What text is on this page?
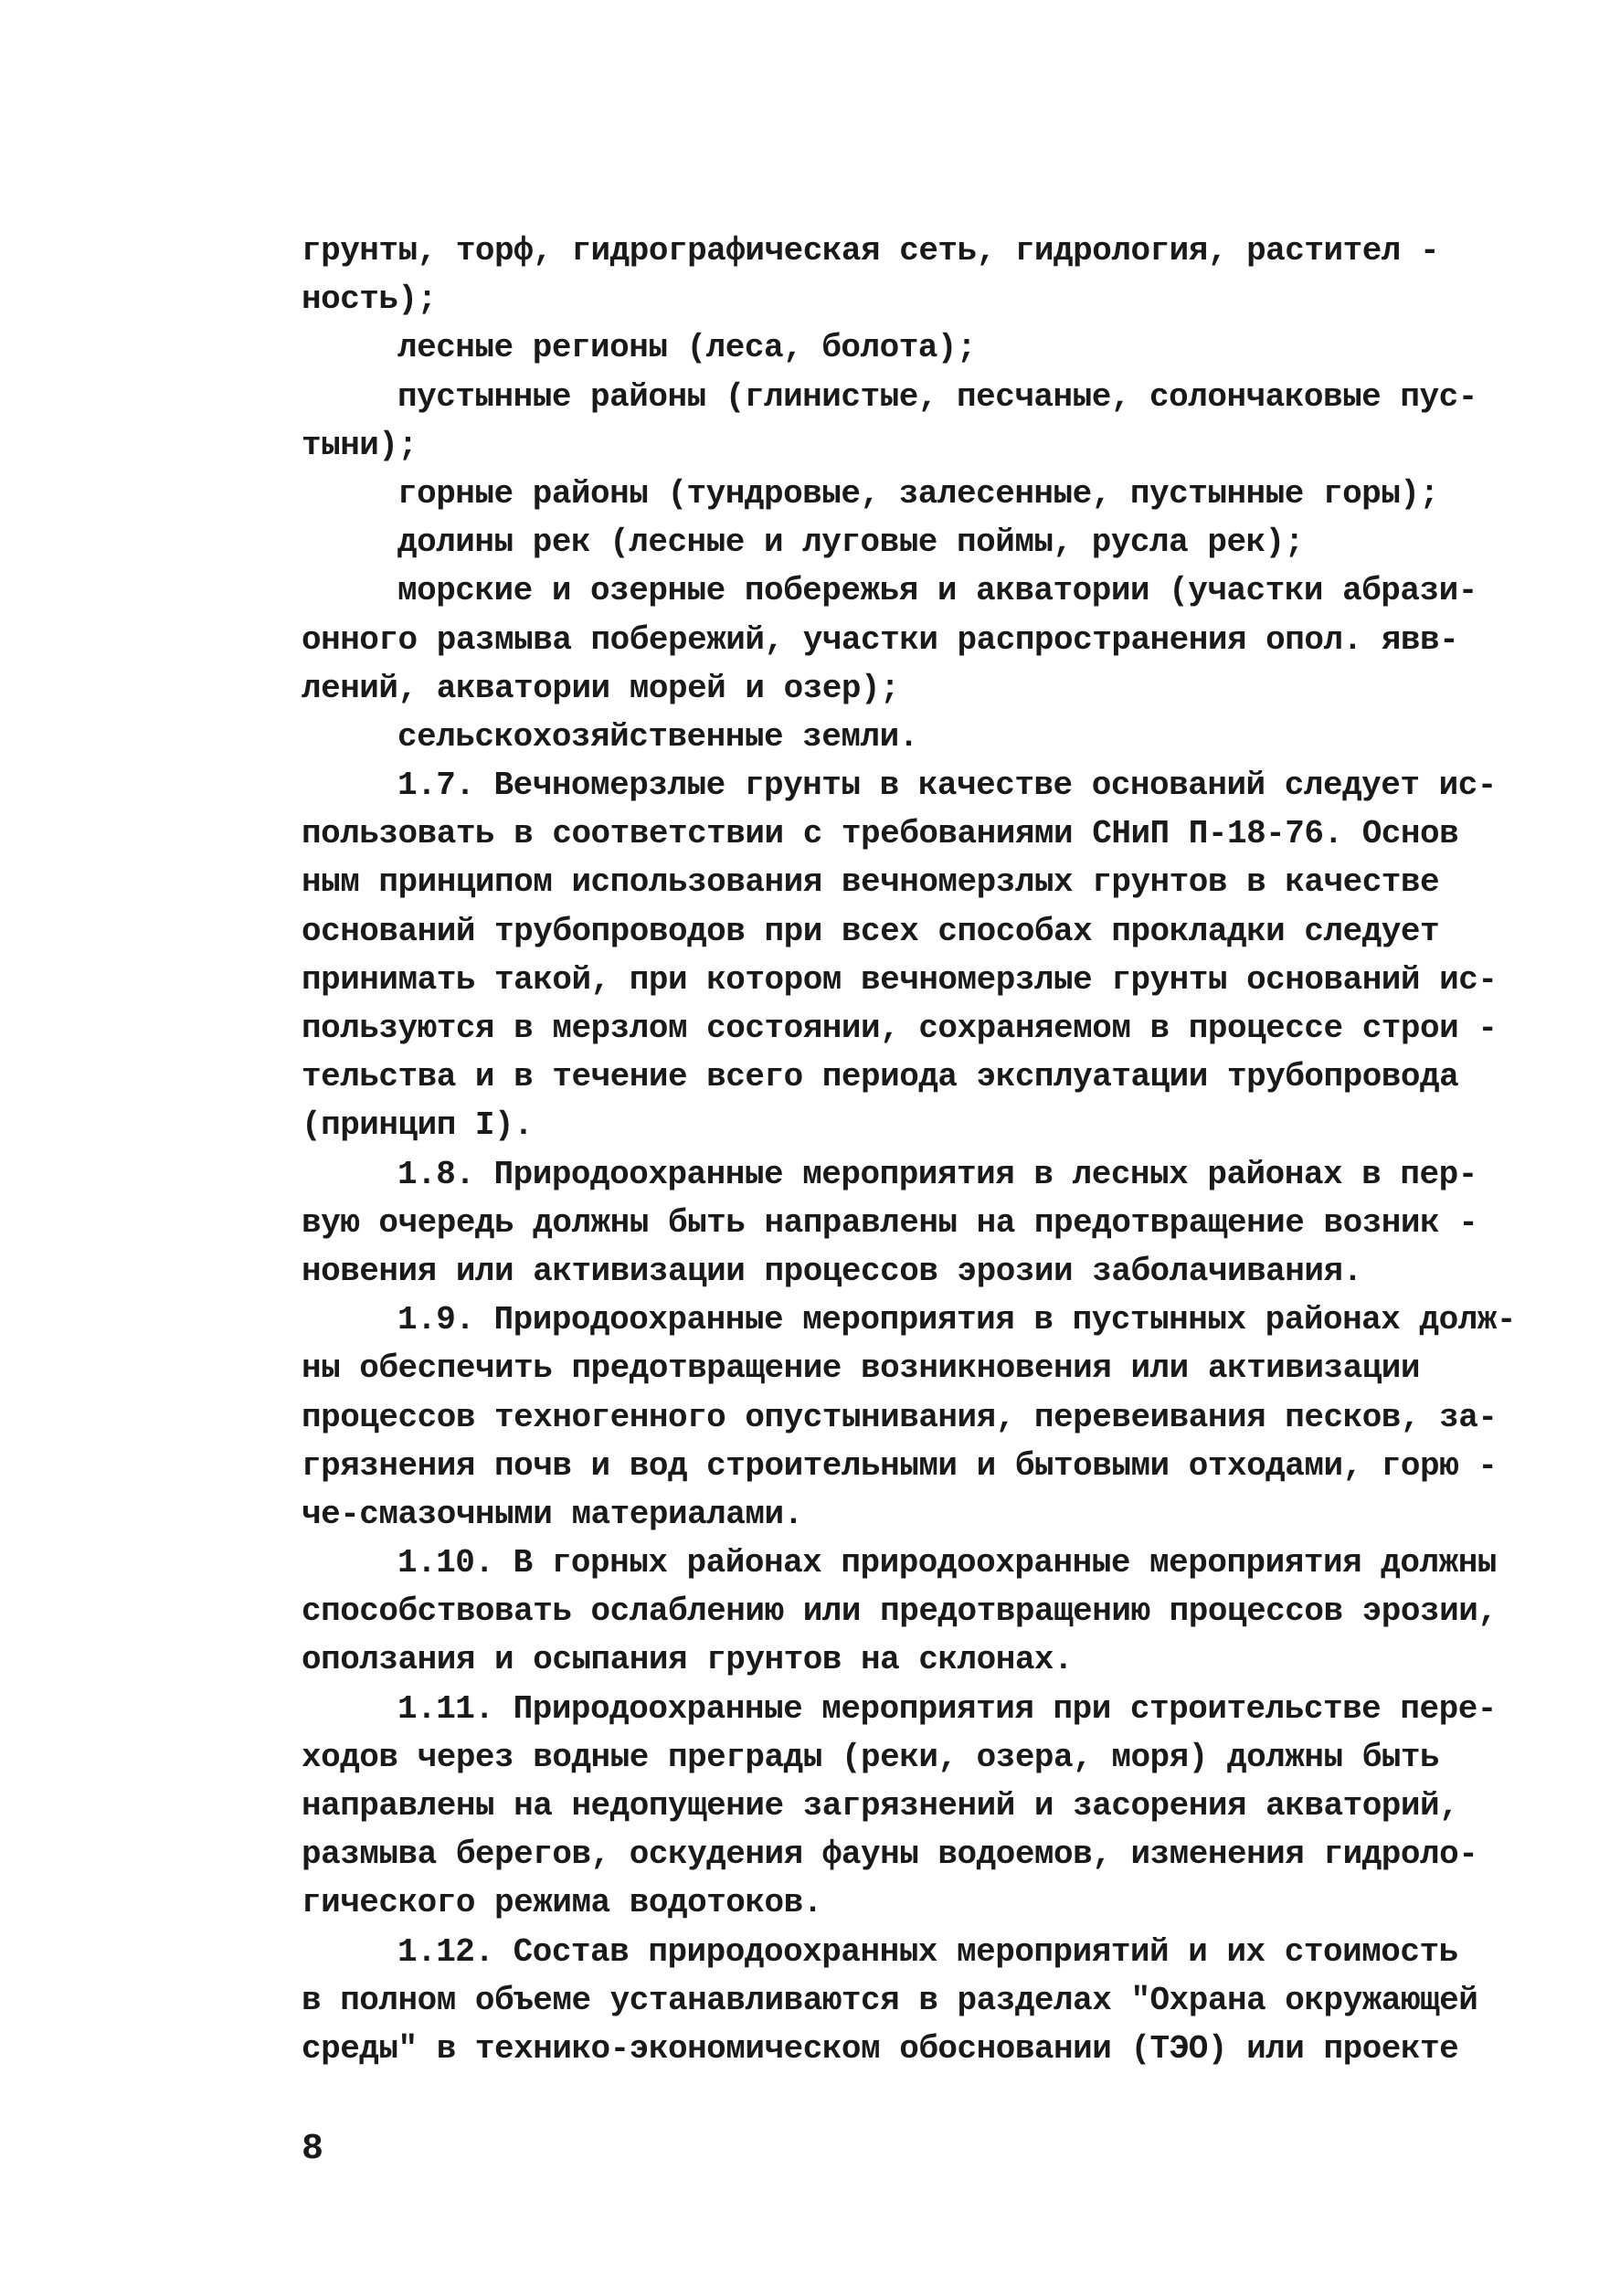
грунты, торф, гидрографическая сеть, гидрология, растител -
ность);
лесные регионы (леса, болота);
пустынные районы (глинистые, песчаные, солончаковые пус-
тыни);
горные районы (тундровые, залесенные, пустынные горы);
долины рек (лесные и луговые поймы, русла рек);
морские и озерные побережья и акватории (участки абрази-
онного размыва побережий, участки распространения опол. явв-
лений, акватории морей и озер);
сельскохозяйственные земли.
1.7. Вечномерзлые грунты в качестве оснований следует ис-
пользовать в соответствии с требованиями СНиП П-18-76. Основ
ным принципом использования вечномерзлых грунтов в качестве
оснований трубопроводов при всех способах прокладки следует
принимать такой, при котором вечномерзлые грунты оснований ис-
пользуются в мерзлом состоянии, сохраняемом в процессе строи -
тельства и в течение всего периода эксплуатации трубопровода
(принцип I).
1.8. Природоохранные мероприятия в лесных районах в пер-
вую очередь должны быть направлены на предотвращение возник -
новения или активизации процессов эрозии заболачивания.
1.9. Природоохранные мероприятия в пустынных районах долж-
ны обеспечить предотвращение возникновения или активизации
процессов техногенного опустынивания, перевеивания песков, за-
грязнения почв и вод строительными и бытовыми отходами, горю -
че-смазочными материалами.
1.10. В горных районах природоохранные мероприятия должны
способствовать ослаблению или предотвращению процессов эрозии,
оползания и осыпания грунтов на склонах.
1.11. Природоохранные мероприятия при строительстве пере-
ходов через водные преграды (реки, озера, моря) должны быть
направлены на недопущение загрязнений и засорения акваторий,
размыва берегов, оскудения фауны водоемов, изменения гидроло-
гического режима водотоков.
1.12. Состав природоохранных мероприятий и их стоимость
в полном объеме устанавливаются в разделах "Охрана окружающей
среды" в технико-экономическом обосновании (ТЭО) или проекте
8
